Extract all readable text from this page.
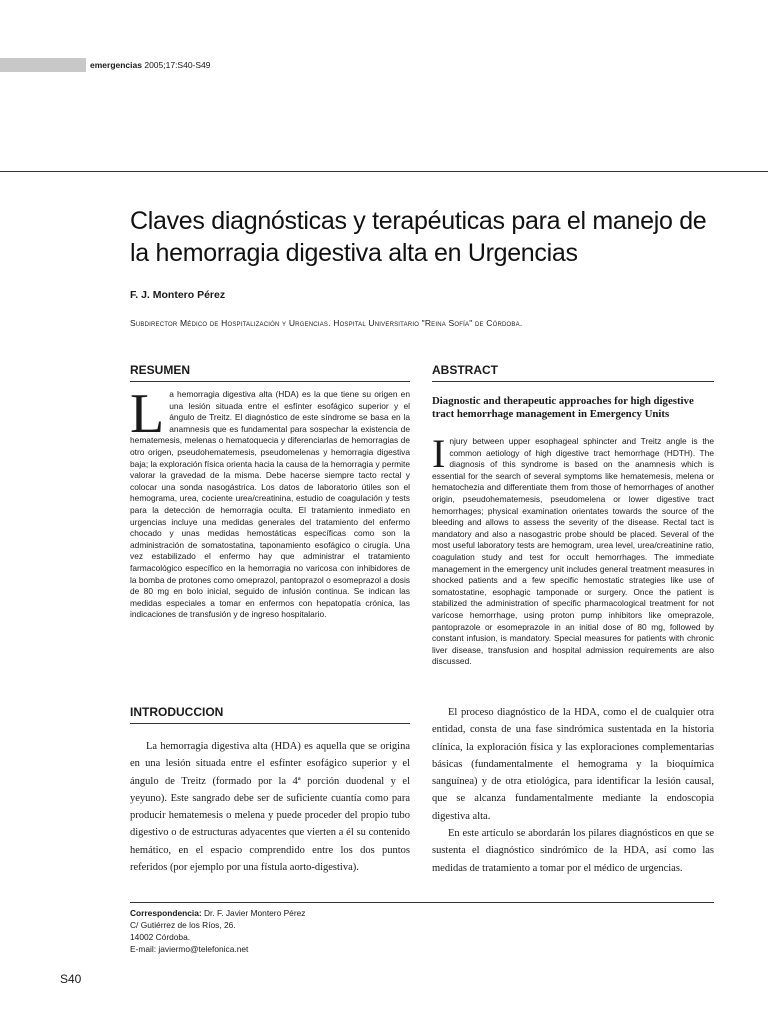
emergencias 2005;17:S40-S49
Claves diagnósticas y terapéuticas para el manejo de la hemorragia digestiva alta en Urgencias
F. J. Montero Pérez
Subdirector Médico de Hospitalización y Urgencias. Hospital Universitario "Reina Sofía" de Córdoba.
RESUMEN

La hemorragia digestiva alta (HDA) es la que tiene su origen en una lesión situada entre el esfínter esofágico superior y el ángulo de Treitz. El diagnóstico de este síndrome se basa en la anamnesis que es fundamental para sospechar la existencia de hematemesis, melenas o hematoquecia y diferenciarlas de hemorragias de otro origen, pseudohematemesis, pseudomelenas y hemorragia digestiva baja; la exploración física orienta hacia la causa de la hemorragia y permite valorar la gravedad de la misma. Debe hacerse siempre tacto rectal y colocar una sonda nasogástrica. Los datos de laboratorio útiles son el hemograma, urea, cociente urea/creatinina, estudio de coagulación y tests para la detección de hemorragia oculta. El tratamiento inmediato en urgencias incluye una medidas generales del tratamiento del enfermo chocado y unas medidas hemostáticas específicas como son la administración de somatostatina, taponamiento esofágico o cirugía. Una vez estabilizado el enfermo hay que administrar el tratamiento farmacológico específico en la hemorragia no varicosa con inhibidores de la bomba de protones como omeprazol, pantoprazol o esomeprazol a dosis de 80 mg en bolo inicial, seguido de infusión continua. Se indican las medidas especiales a tomar en enfermos con hepatopatía crónica, las indicaciones de transfusión y de ingreso hospitalario.

ABSTRACT

Diagnostic and therapeutic approaches for high digestive tract hemorrhage management in Emergency Units

Injury between upper esophageal sphincter and Treitz angle is the common aetiology of high digestive tract hemorrhage (HDTH). The diagnosis of this syndrome is based on the anamnesis which is essential for the search of several symptoms like hematemesis, melena or hematochezia and differentiate them from those of hemorrhages of another origin, pseudohematemesis, pseudomelena or lower digestive tract hemorrhages; physical examination orientates towards the source of the bleeding and allows to assess the severity of the disease. Rectal tact is mandatory and also a nasogastric probe should be placed. Several of the most useful laboratory tests are hemogram, urea level, urea/creatinine ratio, coagulation study and test for occult hemorrhages. The immediate management in the emergency unit includes general treatment measures in shocked patients and a few specific hemostatic strategies like use of somatostatine, esophagic tamponade or surgery. Once the patient is stabilized the administration of specific pharmacological treatment for not varicose hemorrhage, using proton pump inhibitors like omeprazole, pantoprazole or esomeprazole in an initial dose of 80 mg, followed by constant infusion, is mandatory. Special measures for patients with chronic liver disease, transfusion and hospital admission requirements are also discussed.

INTRODUCCION

La hemorragia digestiva alta (HDA) es aquella que se origina en una lesión situada entre el esfínter esofágico superior y el ángulo de Treitz (formado por la 4ª porción duodenal y el yeyuno). Este sangrado debe ser de suficiente cuantía como para producir hematemesis o melena y puede proceder del propio tubo digestivo o de estructuras adyacentes que vierten a él su contenido hemático, en el espacio comprendido entre los dos puntos referidos (por ejemplo por una fístula aorto-digestiva).

El proceso diagnóstico de la HDA, como el de cualquier otra entidad, consta de una fase sindrómica sustentada en la historia clínica, la exploración física y las exploraciones complementarias básicas (fundamentalmente el hemograma y la bioquímica sanguínea) y de otra etiológica, para identificar la lesión causal, que se alcanza fundamentalmente mediante la endoscopia digestiva alta.

En este artículo se abordarán los pilares diagnósticos en que se sustenta el diagnóstico sindrómico de la HDA, así como las medidas de tratamiento a tomar por el médico de urgencias.

Correspondencia: Dr. F. Javier Montero Pérez

C/ Gutiérrez de los Ríos, 26.

14002 Córdoba.

E-mail: javiermo@telefonica.net

S40
